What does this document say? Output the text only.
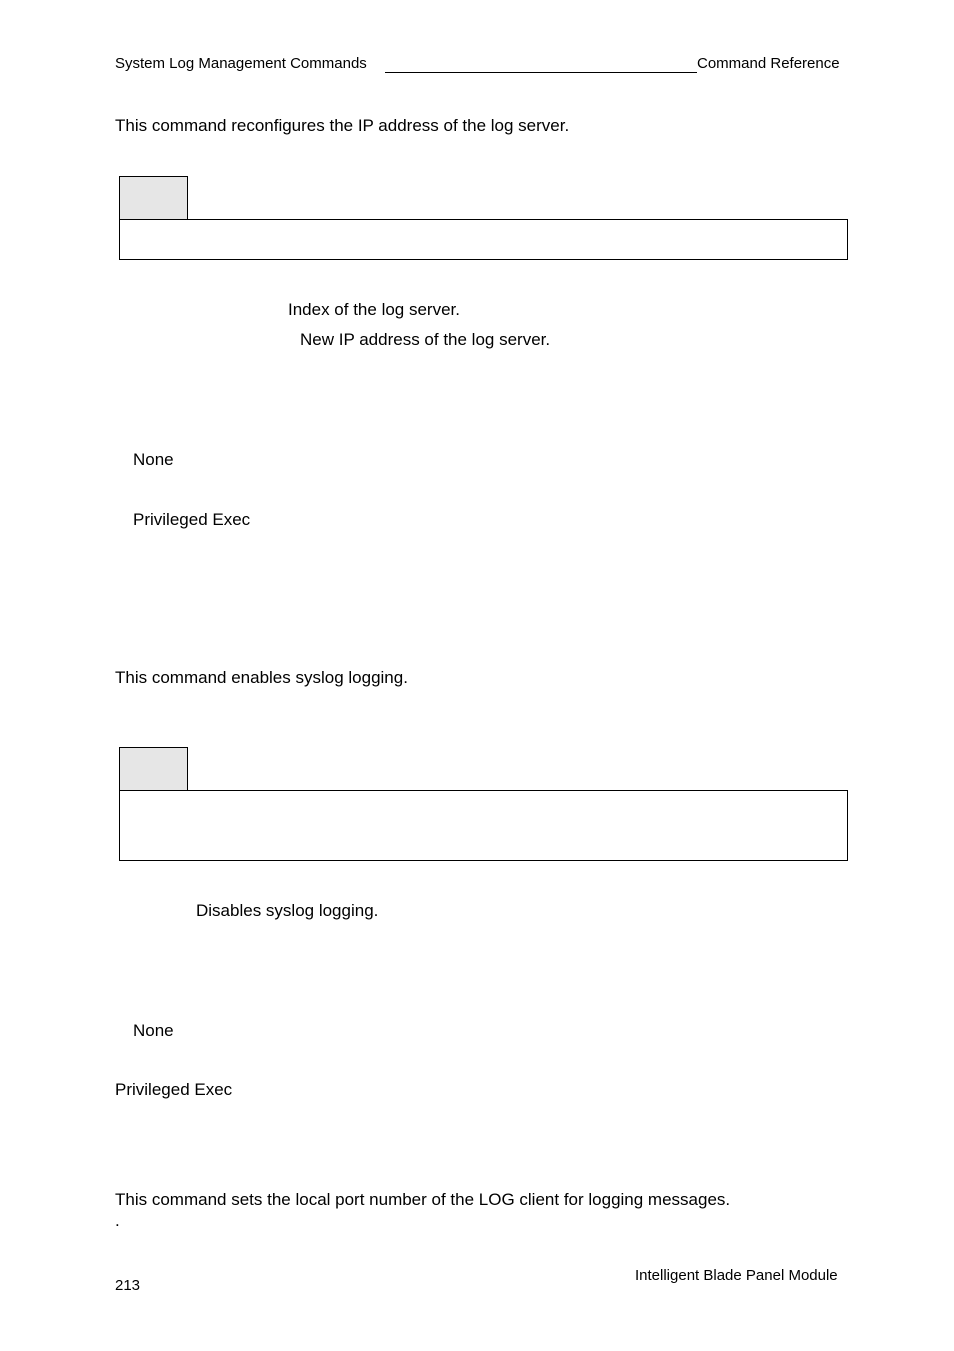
System Log Management Commands	Command Reference
This command reconfigures the IP address of the log server.
Index of the log server.
New IP address of the log server.
None
Privileged Exec
This command enables syslog logging.
Disables syslog logging.
None
Privileged Exec
This command sets the local port number of the LOG client for logging messages.
.
213
Intelligent Blade Panel Module
